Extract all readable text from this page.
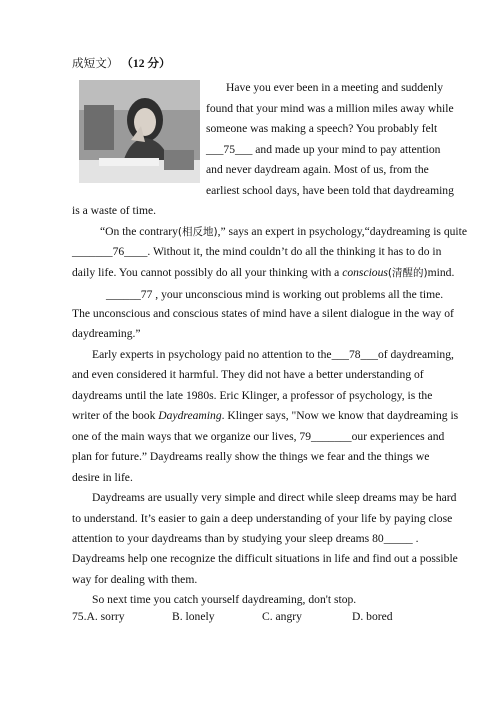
成短文） （12 分）
Have you ever been in a meeting and suddenly
found that your mind was a million miles away while
someone was making a speech? You probably felt
___75___ and made up your mind to pay attention
and never daydream again. Most of us, from the
earliest school days, have been told that daydreaming
is a waste of time.
“On the contrary(相反地),” says an expert in psychology,“daydreaming is quite
_______76____. Without it, the mind couldn’t do all the thinking it has to do in
daily life. You cannot possibly do all your thinking with a conscious(清醒的)mind.
______77 , your unconscious mind is working out problems all the time.
The unconscious and conscious states of mind have a silent dialogue in the way of
daydreaming.”
Early experts in psychology paid no attention to the___78___of daydreaming,
and even considered it harmful. They did not have a better understanding of
daydreams until the late 1980s. Eric Klinger, a professor of psychology, is the
writer of the book Daydreaming. Klinger says, "Now we know that daydreaming is
one of the main ways that we organize our lives, 79_______our experiences and
plan for future.” Daydreams really show the things we fear and the things we
desire in life.
Daydreams are usually very simple and direct while sleep dreams may be hard
to understand. It’s easier to gain a deep understanding of your life by paying close
attention to your daydreams than by studying your sleep dreams 80_____ .
Daydreams help one recognize the difficult situations in life and find out a possible
way for dealing with them.
So next time you catch yourself daydreaming, don't stop.
75.A. sorry	B. lonely	C. angry	D. bored
